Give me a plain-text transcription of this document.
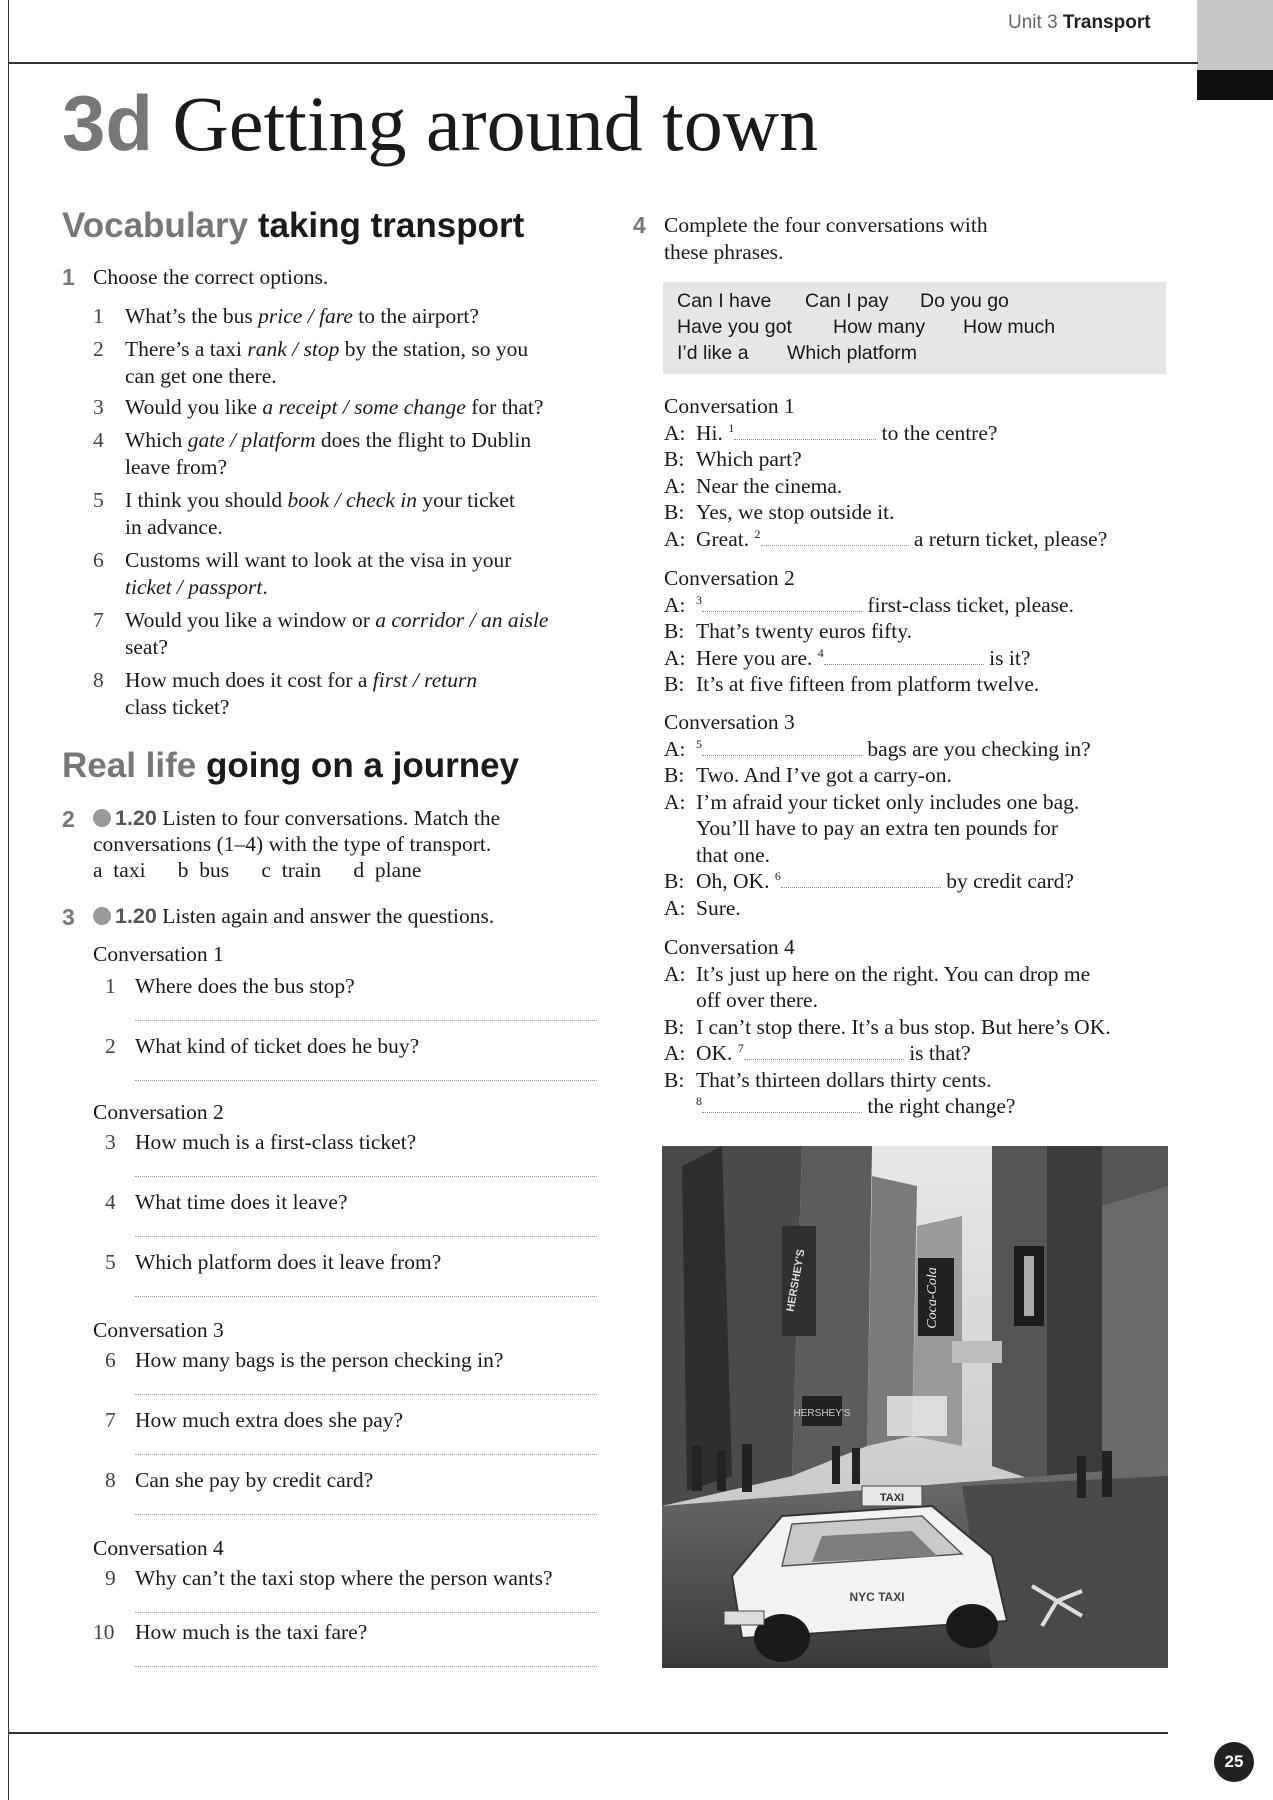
Unit 3 Transport
3d Getting around town
Vocabulary taking transport
1 Choose the correct options.
1 What’s the bus price / fare to the airport?
2 There’s a taxi rank / stop by the station, so you
can get one there.
3 Would you like a receipt / some change for that?
4 Which gate / platform does the flight to Dublin
leave from?
5 I think you should book / check in your ticket
in advance.
6 Customs will want to look at the visa in your
ticket / passport.
7 Would you like a window or a corridor / an aisle
seat?
8 How much does it cost for a first / return
class ticket?
Real life going on a journey
2	1.20 Listen to four conversations. Match the
conversations (1–4) with the type of transport.
a taxi b bus c train d plane
3	1.20 Listen again and answer the questions.
Conversation 1
1 Where does the bus stop?
2 What kind of ticket does he buy?
Conversation 2
3 How much is a first-class ticket?
4 What time does it leave?
5 Which platform does it leave from?
Conversation 3
6 How many bags is the person checking in?
7 How much extra does she pay?
8 Can she pay by credit card?
Conversation 4
9 Why can’t the taxi stop where the person wants?
10 How much is the taxi fare?
4 Complete the four conversations with
these phrases.
Can I have Can I pay Do you go
Have you got How many How much
I’d like a Which platform
Conversation 1
A: Hi. $^1$	to the centre?
B: Which part?
A: Near the cinema.
B: Yes, we stop outside it.
A: Great. $^2$	a return ticket, please?
Conversation 2
A: $^3$	first-class ticket, please.
B: That’s twenty euros fifty.
A: Here you are. $^4$	is it?
B: It’s at five fifteen from platform twelve.
Conversation 3
A: $^5$	bags are you checking in?
B: Two. And I’ve got a carry-on.
A: I’m afraid your ticket only includes one bag.
You’ll have to pay an extra ten pounds for
that one.
B: Oh, OK. $^6$	by credit card?
A: Sure.
Conversation 4
A: It’s just up here on the right. You can drop me
off over there.
B: I can’t stop there. It’s a bus stop. But here’s OK.
A: OK. $^7$	is that?
B: That’s thirteen dollars thirty cents.
$^8$	the right change?
Coca-Cola
HERSHEY'S
HERSHEY'S
TAXI
NYC TAXI
25
